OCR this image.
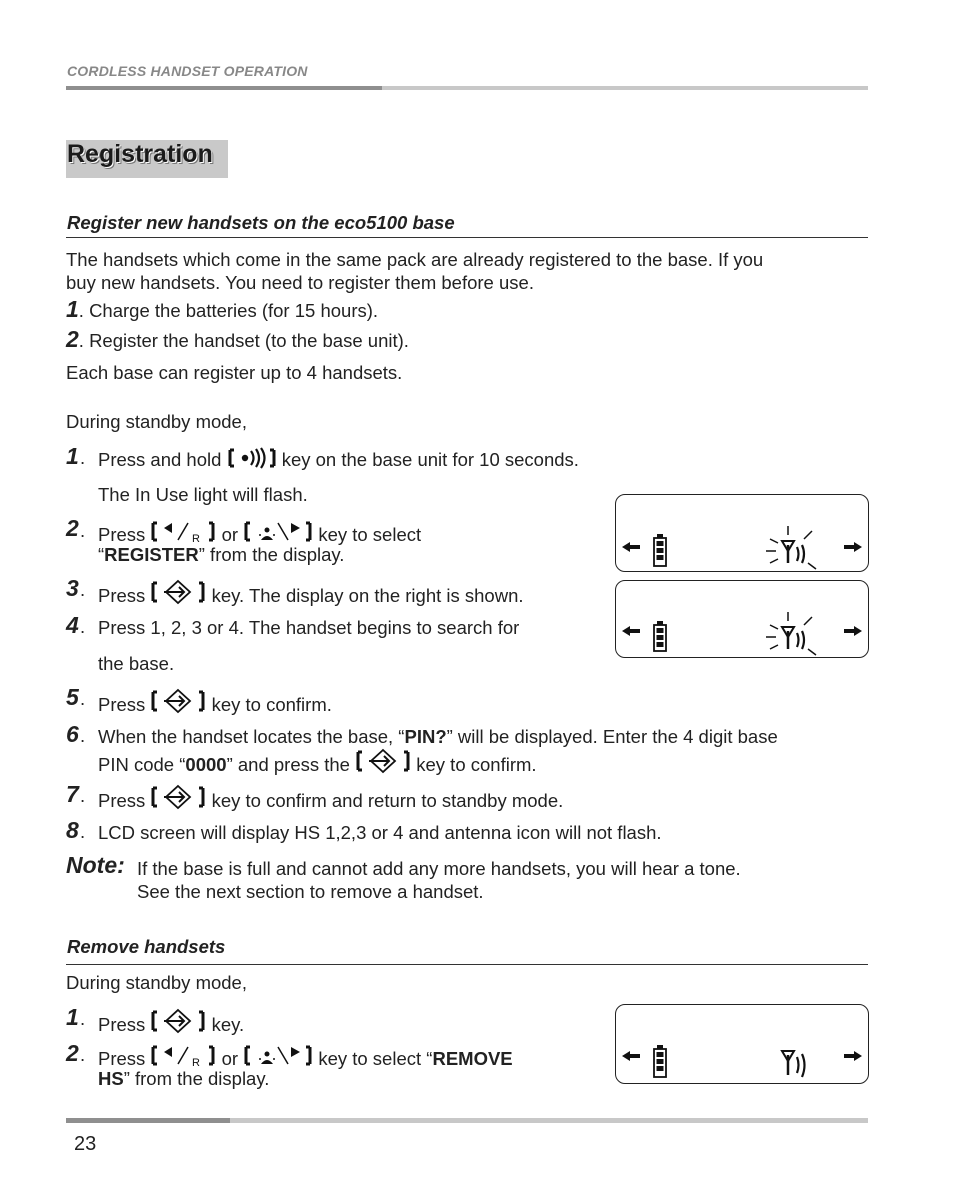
CORDLESS HANDSET OPERATION
Registration
Register new handsets on the eco5100 base
The handsets which come in the same pack are already registered to the base. If you
buy new handsets. You need to register them before use.
1. Charge the batteries (for 15 hours).
2. Register the handset (to the base unit).
Each base can register up to 4 handsets.
During standby mode,
1
2
3
4
5
6
7
8
.
.
.
.
.
.
.
.
Press and hold	key on the base unit for 10 seconds.
The In Use light will flash.
Press	R or	key to select
“REGISTER” from the display.
Press	key. The display on the right is shown.
Press 1, 2, 3 or 4. The handset begins to search for
the base.
Press	key to confirm.
When the handset locates the base, “PIN?” will be displayed. Enter the 4 digit base
PIN code “0000” and press the	key to confirm.
Press	key to confirm and return to standby mode.
LCD screen will display HS 1,2,3 or 4 and antenna icon will not flash.
Note: If the base is full and cannot add any more handsets, you will hear a tone.
See the next section to remove a handset.
Remove handsets
During standby mode,
1 . Press	key.
2 . Press	R or	key to select “REMOVE
HS” from the display.
23
